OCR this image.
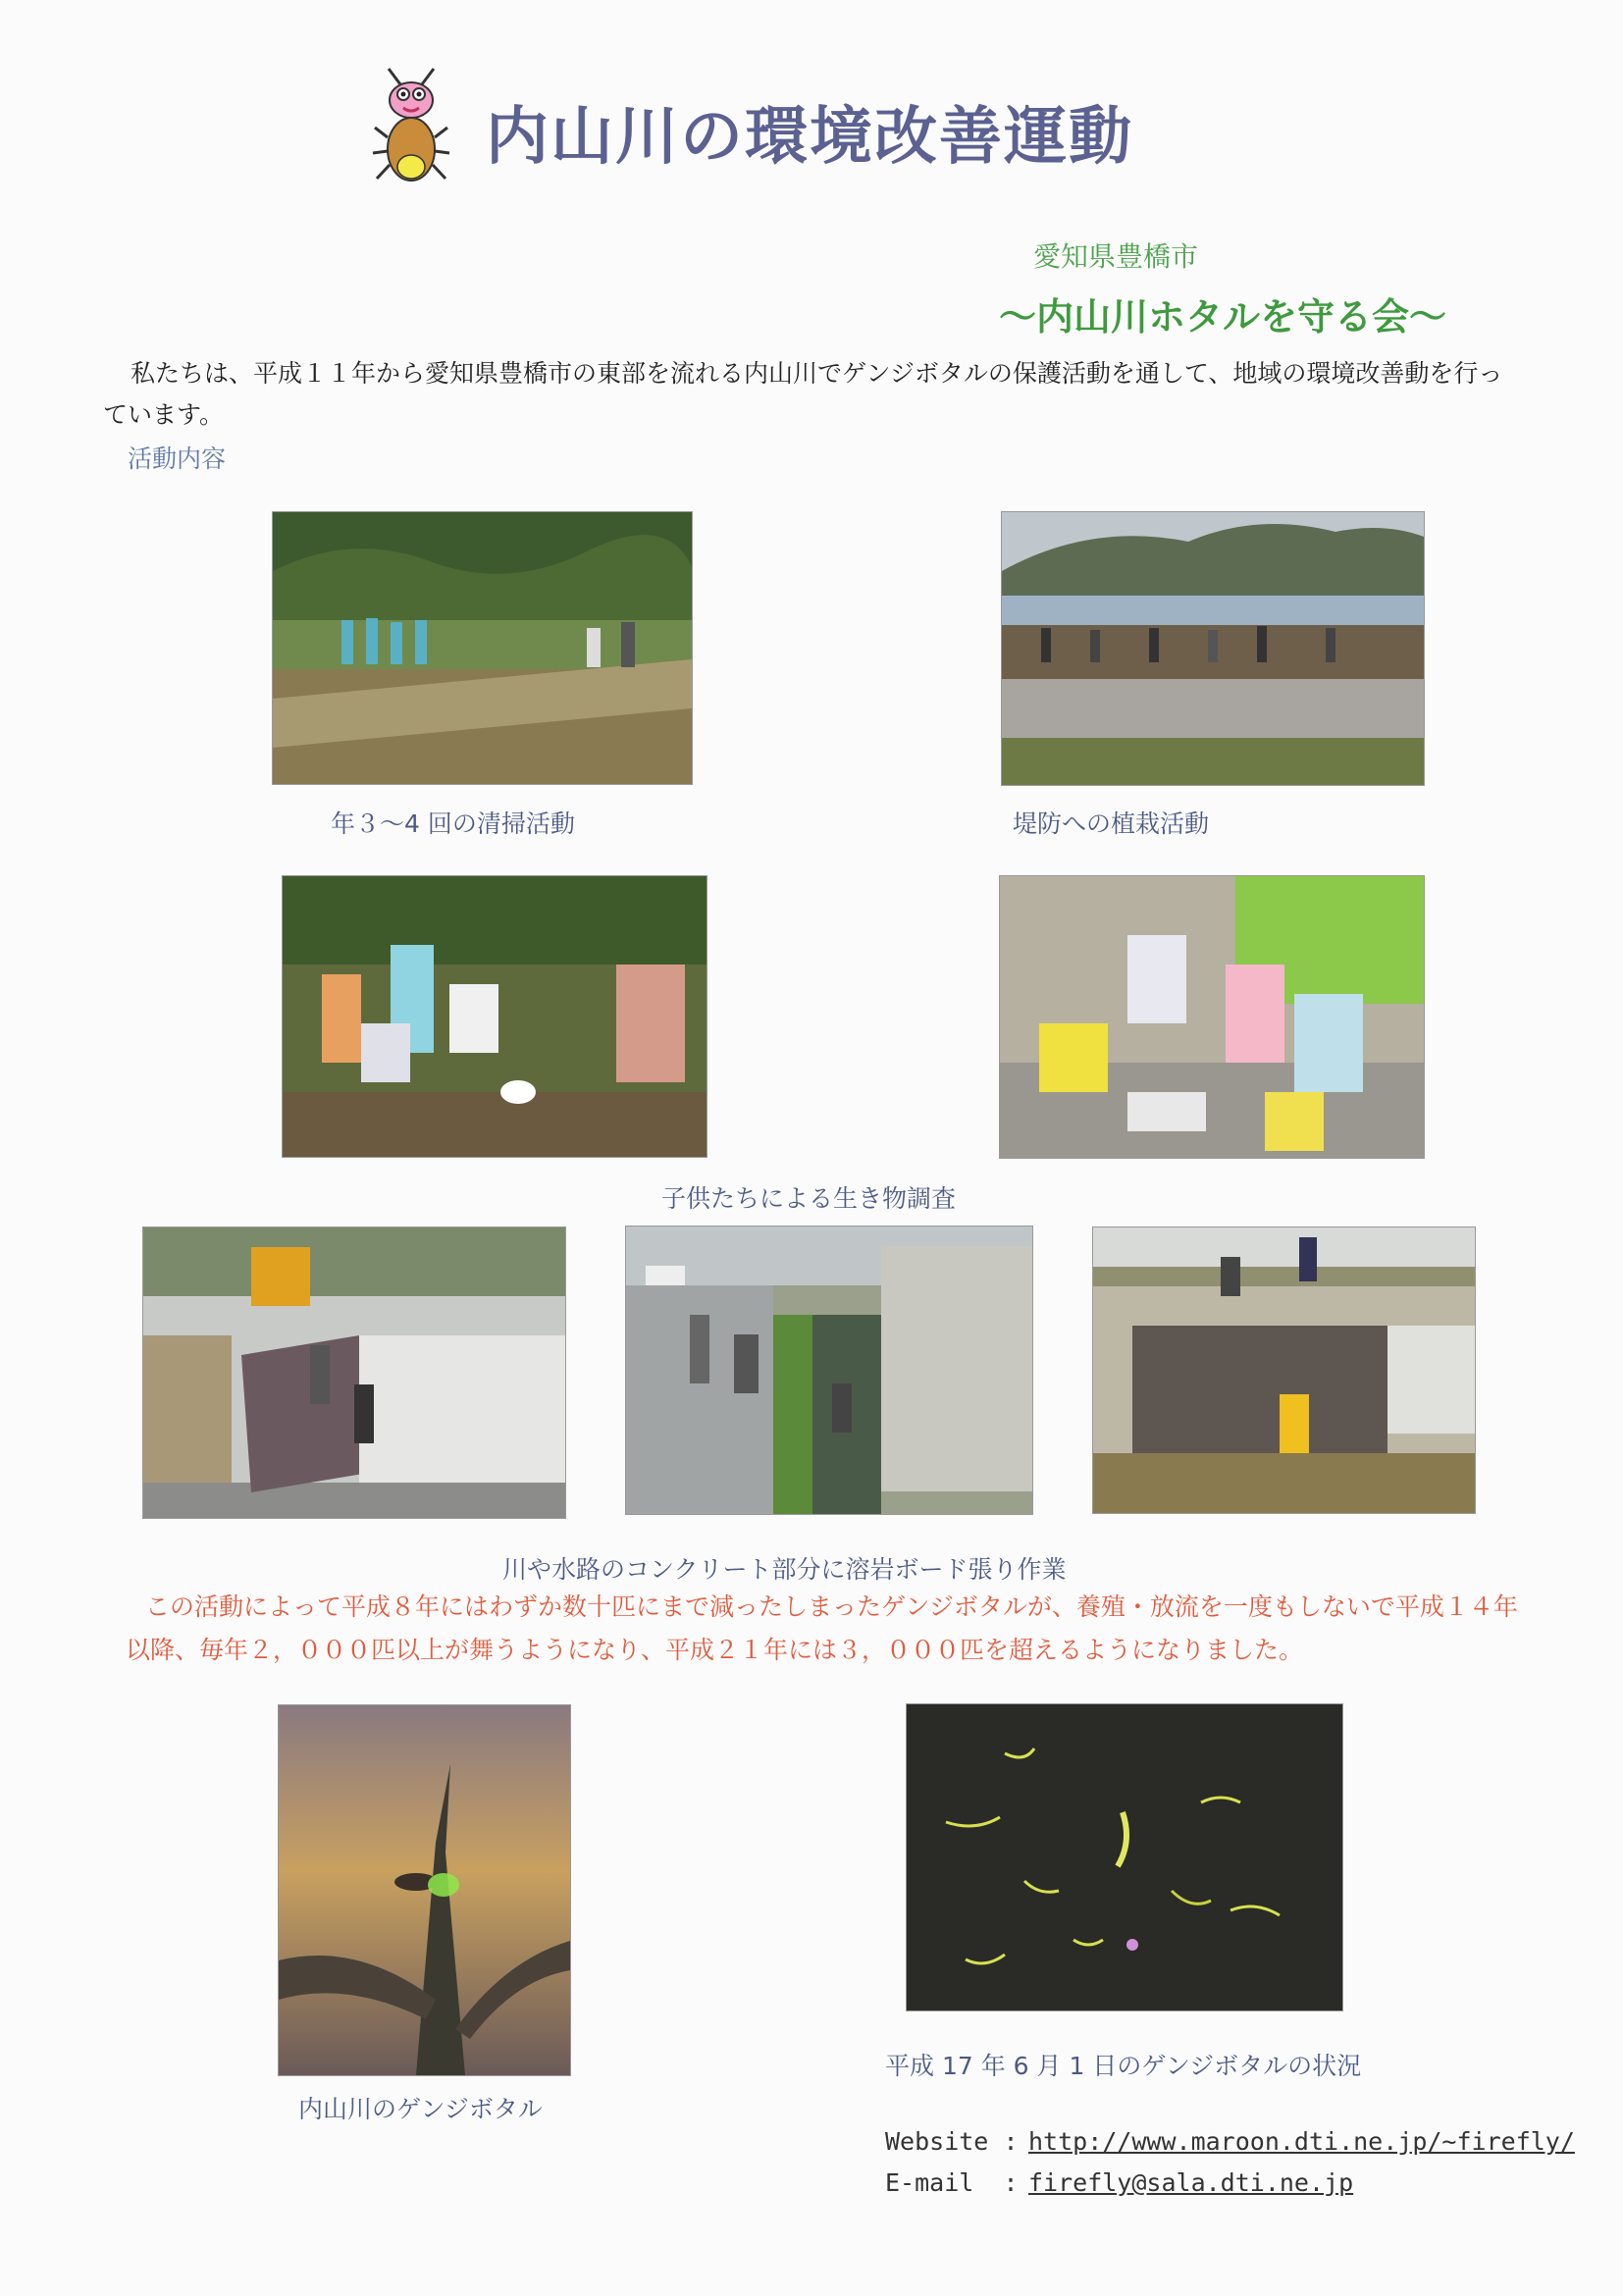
内山川の環境改善運動
愛知県豊橋市
～内山川ホタルを守る会～
私たちは、平成１１年から愛知県豊橋市の東部を流れる内山川でゲンジボタルの保護活動を通して、地域の環境改善動を行っています。
活動内容
年３～4 回の清掃活動	堤防への植栽活動
子供たちによる生き物調査
川や水路のコンクリート部分に溶岩ボード張り作業
この活動によって平成８年にはわずか数十匹にまで減ったしまったゲンジボタルが、養殖・放流を一度もしないで平成１４年以降、毎年２，０００匹以上が舞うようになり、平成２１年には３，０００匹を超えるようになりました。
内山川のゲンジボタル
平成 17 年 6 月 1 日のゲンジボタルの状況
Website : http://www.maroon.dti.ne.jp/~firefly/
E-mail : firefly@sala.dti.ne.jp
